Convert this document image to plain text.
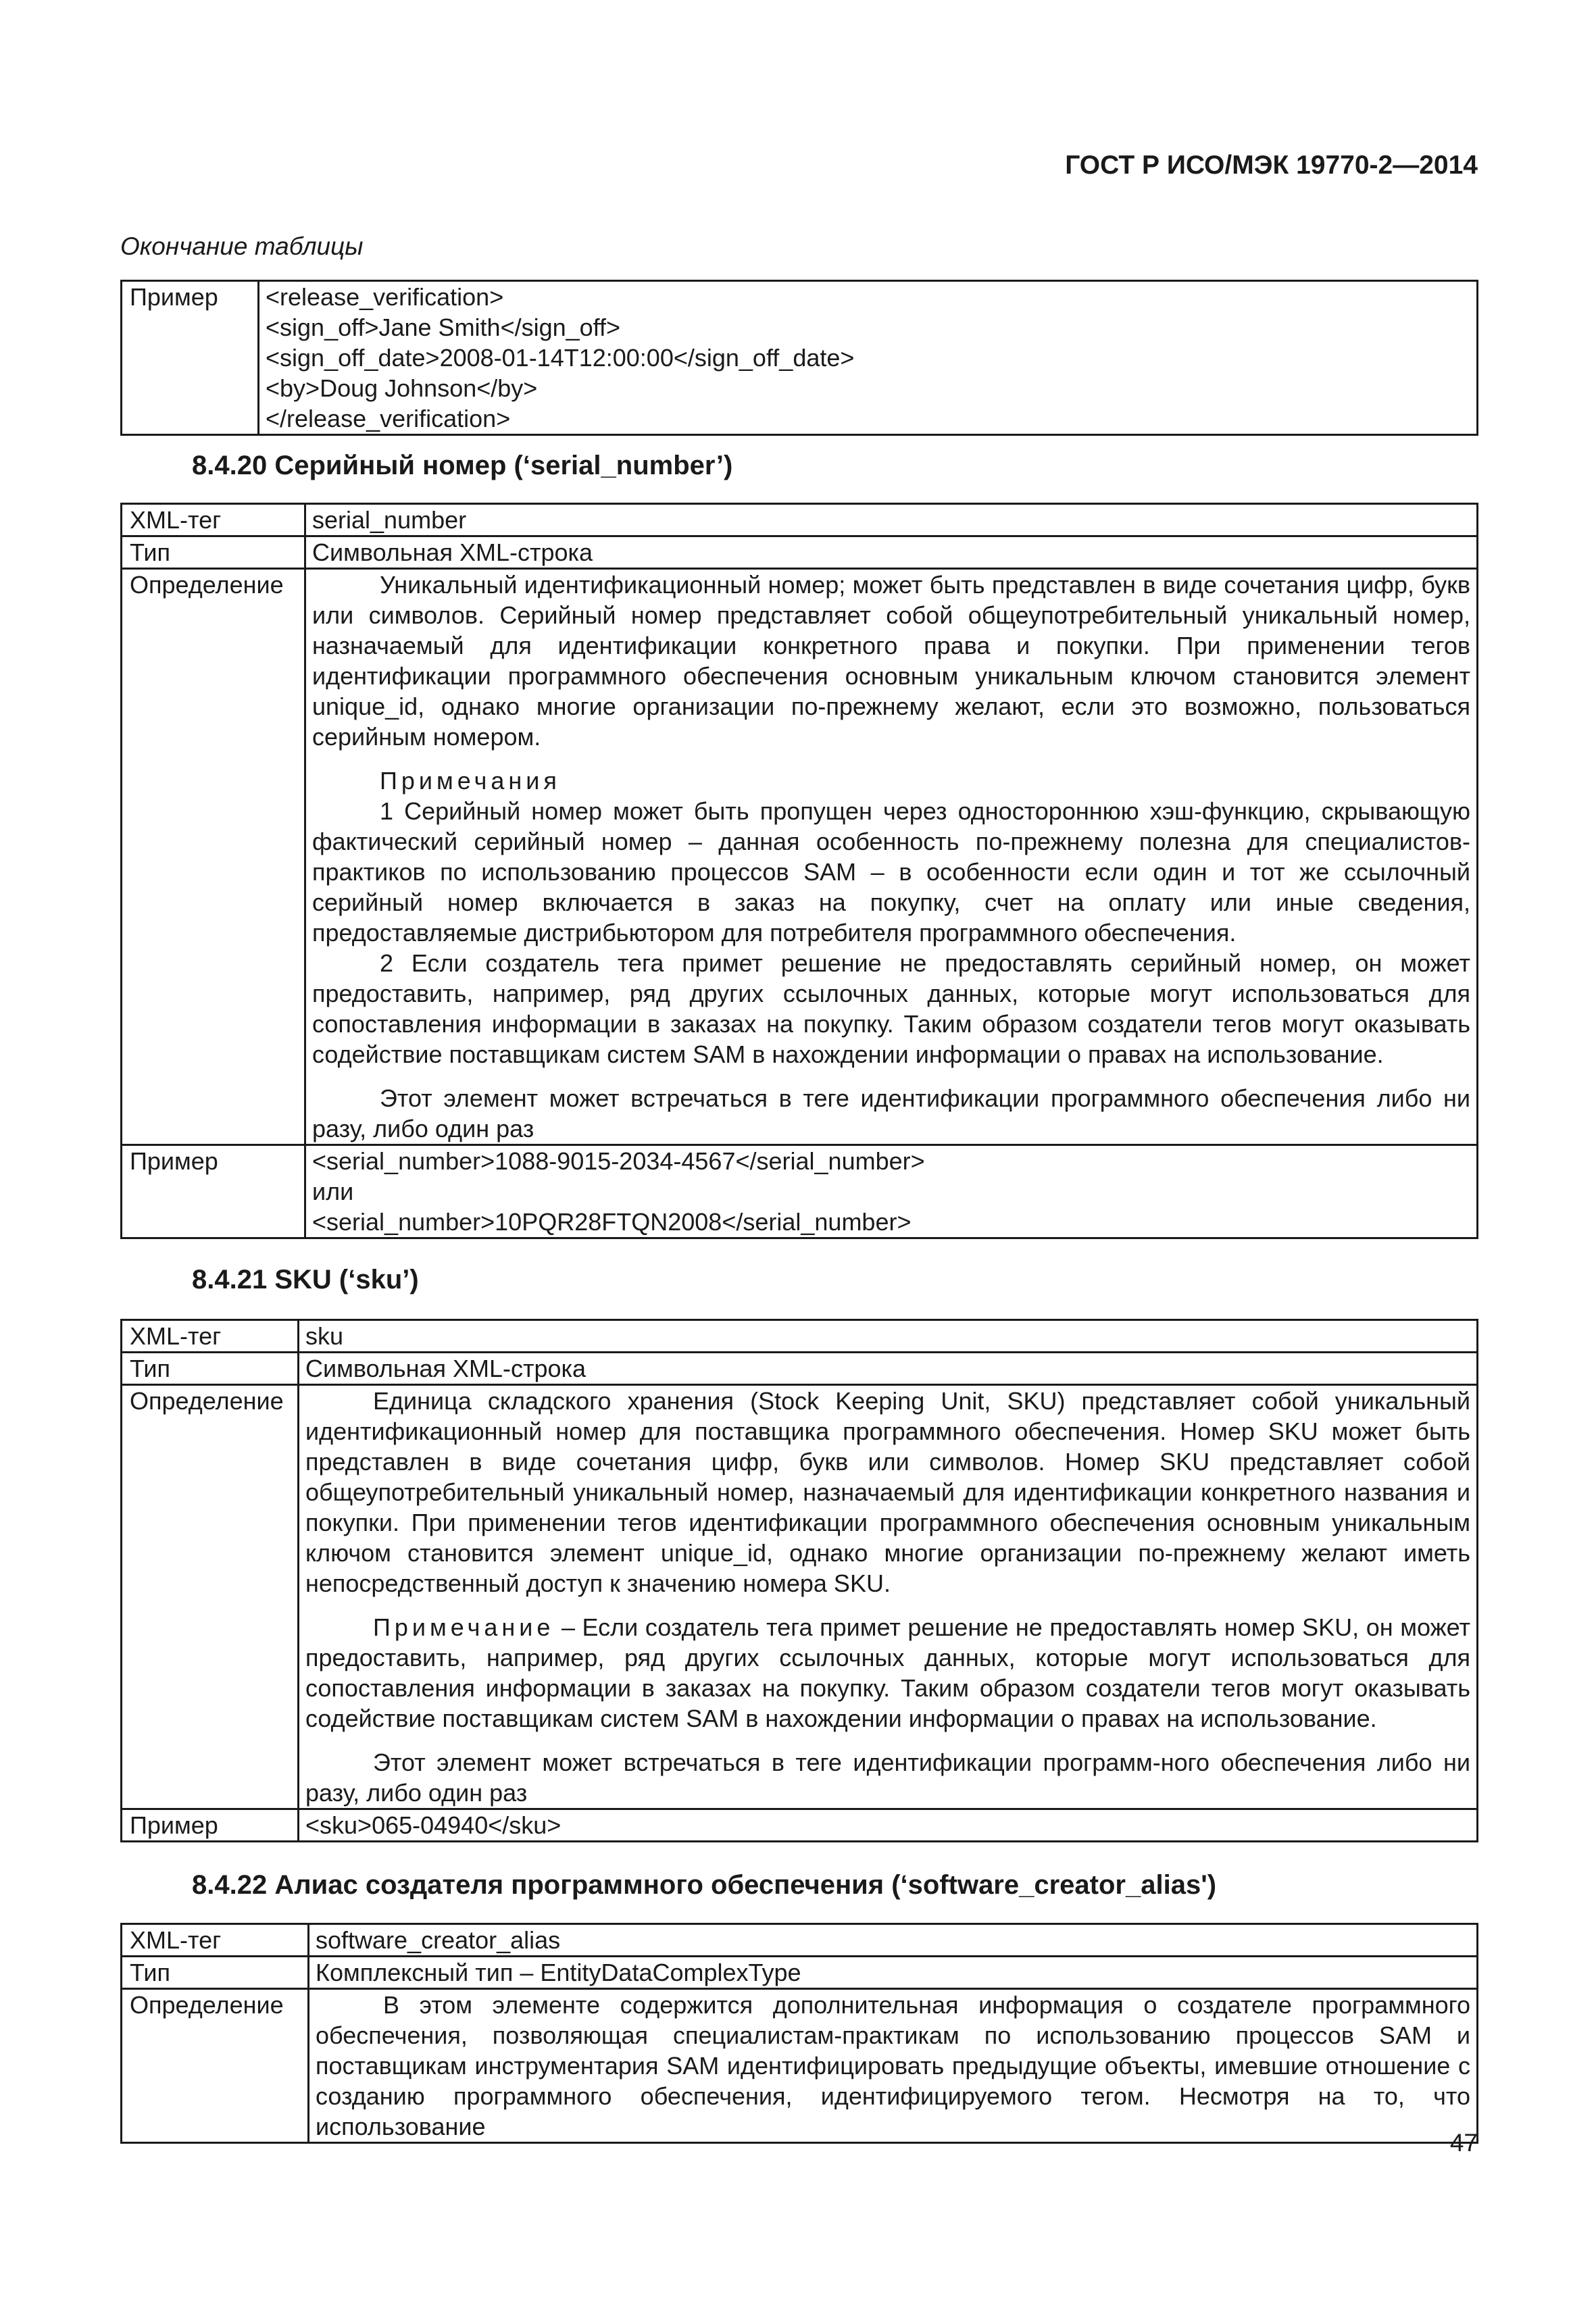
ГОСТ Р ИСО/МЭК 19770-2—2014
Окончание таблицы
Пример	<release_verification>

<sign_off>Jane Smith</sign_off>

<sign_off_date>2008-01-14T12:00:00</sign_off_date>

<by>Doug Johnson</by>

</release_verification>

8.4.20 Серийный номер (‘serial_number’)
XML-тег	serial_number
Тип	Символьная XML-строка
Определение	Уникальный идентификационный номер; может быть представлен в виде сочетания цифр, букв или символов. Серийный номер представляет собой общеупотребительный уникальный номер, назначаемый для идентификации конкретного права и покупки. При применении тегов идентификации программного обеспечения основным уникальным ключом становится элемент unique_id, однако многие организации по-прежнему желают, если это возможно, пользоваться серийным номером.

Примечания

1 Серийный номер может быть пропущен через одностороннюю хэш-функцию, скрывающую фактический серийный номер – данная особенность по-прежнему полезна для специалистов-практиков по использованию процессов SAM – в особенности если один и тот же ссылочный серийный номер включается в заказ на покупку, счет на оплату или иные сведения, предоставляемые дистрибьютором для потребителя программного обеспечения.

2 Если создатель тега примет решение не предоставлять серийный номер, он может предоставить, например, ряд других ссылочных данных, которые могут использоваться для сопоставления информации в заказах на покупку. Таким образом создатели тегов могут оказывать содействие поставщикам систем SAM в нахождении информации о правах на использование.

Этот элемент может встречаться в теге идентификации программного обеспечения либо ни разу, либо один раз

Пример	<serial_number>1088-9015-2034-4567</serial_number>

или

<serial_number>10PQR28FTQN2008</serial_number>

8.4.21 SKU (‘sku’)
XML-тег	sku
Тип	Символьная XML-строка
Определение	Единица складского хранения (Stock Keeping Unit, SKU) представляет собой уникальный идентификационный номер для поставщика программного обеспечения. Номер SKU может быть представлен в виде сочетания цифр, букв или символов. Номер SKU представляет собой общеупотребительный уникальный номер, назначаемый для идентификации конкретного названия и покупки. При применении тегов идентификации программного обеспечения основным уникальным ключом становится элемент unique_id, однако многие организации по-прежнему желают иметь непосредственный доступ к значению номера SKU.

Примечание – Если создатель тега примет решение не предоставлять номер SKU, он может предоставить, например, ряд других ссылочных данных, которые могут использоваться для сопоставления информации в заказах на покупку. Таким образом создатели тегов могут оказывать содействие поставщикам систем SAM в нахождении информации о правах на использование.

Этот элемент может встречаться в теге идентификации программ-ного обеспечения либо ни разу, либо один раз

Пример	<sku>065-04940</sku>
8.4.22 Алиас создателя программного обеспечения (‘software_creator_alias')
XML-тег	software_creator_alias
Тип	Комплексный тип – EntityDataComplexType
Определение	В этом элементе содержится дополнительная информация о создателе программного обеспечения, позволяющая специалистам-практикам по использованию процессов SAM и поставщикам инструментария SAM идентифицировать предыдущие объекты, имевшие отношение с созданию программного обеспечения, идентифицируемого тегом. Несмотря на то, что использование

47
